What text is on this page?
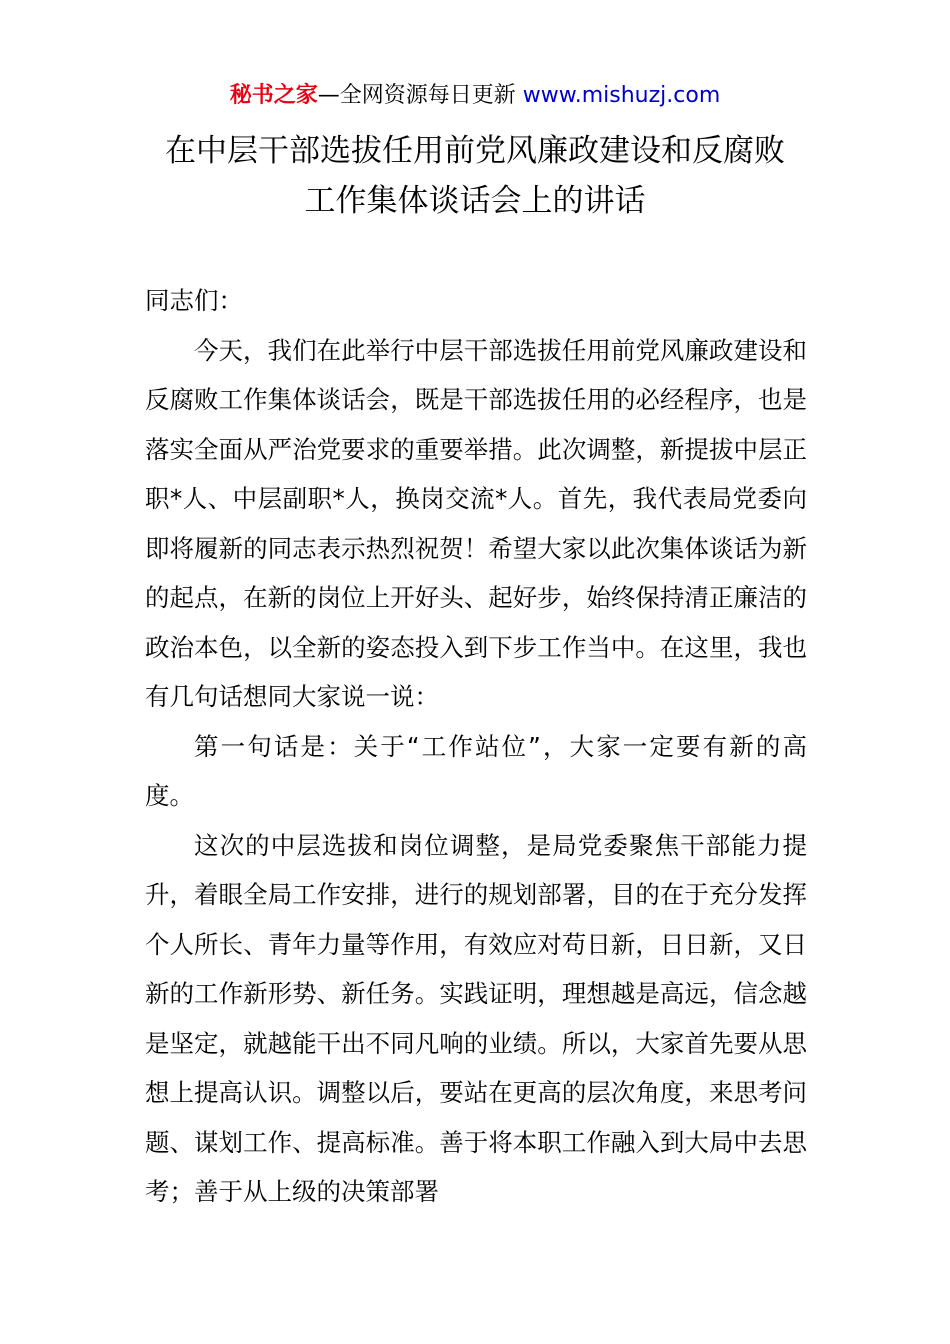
秘书之家—全网资源每日更新 www.mishuzj.com
在中层干部选拔任用前党风廉政建设和反腐败
工作集体谈话会上的讲话

同志们：

今天，我们在此举行中层干部选拔任用前党风廉政建设和反腐败工作集体谈话会，既是干部选拔任用的必经程序，也是落实全面从严治党要求的重要举措。此次调整，新提拔中层正职*人、中层副职*人，换岗交流*人。首先，我代表局党委向即将履新的同志表示热烈祝贺！希望大家以此次集体谈话为新的起点，在新的岗位上开好头、起好步，始终保持清正廉洁的政治本色，以全新的姿态投入到下步工作当中。在这里，我也有几句话想同大家说一说：

第一句话是：关于“工作站位”，大家一定要有新的高度。

这次的中层选拔和岗位调整，是局党委聚焦干部能力提升，着眼全局工作安排，进行的规划部署，目的在于充分发挥个人所长、青年力量等作用，有效应对苟日新，日日新，又日新的工作新形势、新任务。实践证明，理想越是高远，信念越是坚定，就越能干出不同凡响的业绩。所以，大家首先要从思想上提高认识。调整以后，要站在更高的层次角度，来思考问题、谋划工作、提高标准。善于将本职工作融入到大局中去思考；善于从上级的决策部署
